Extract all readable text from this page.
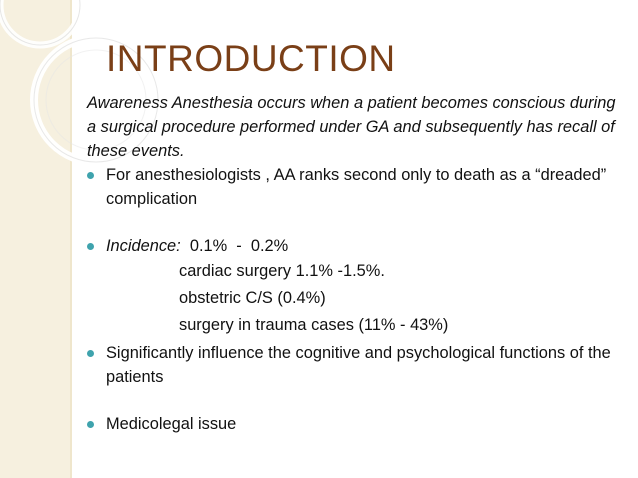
INTRODUCTION
Awareness Anesthesia occurs when a patient becomes conscious during a surgical procedure performed under GA and subsequently has recall of these events.
For anesthesiologists , AA ranks second only to death as a “dreaded” complication
Incidence:  0.1%  -  0.2%
cardiac surgery 1.1% -1.5%.
obstetric C/S (0.4%)
surgery in trauma cases (11% - 43%)
Significantly influence the cognitive and psychological functions of the patients
Medicolegal issue
